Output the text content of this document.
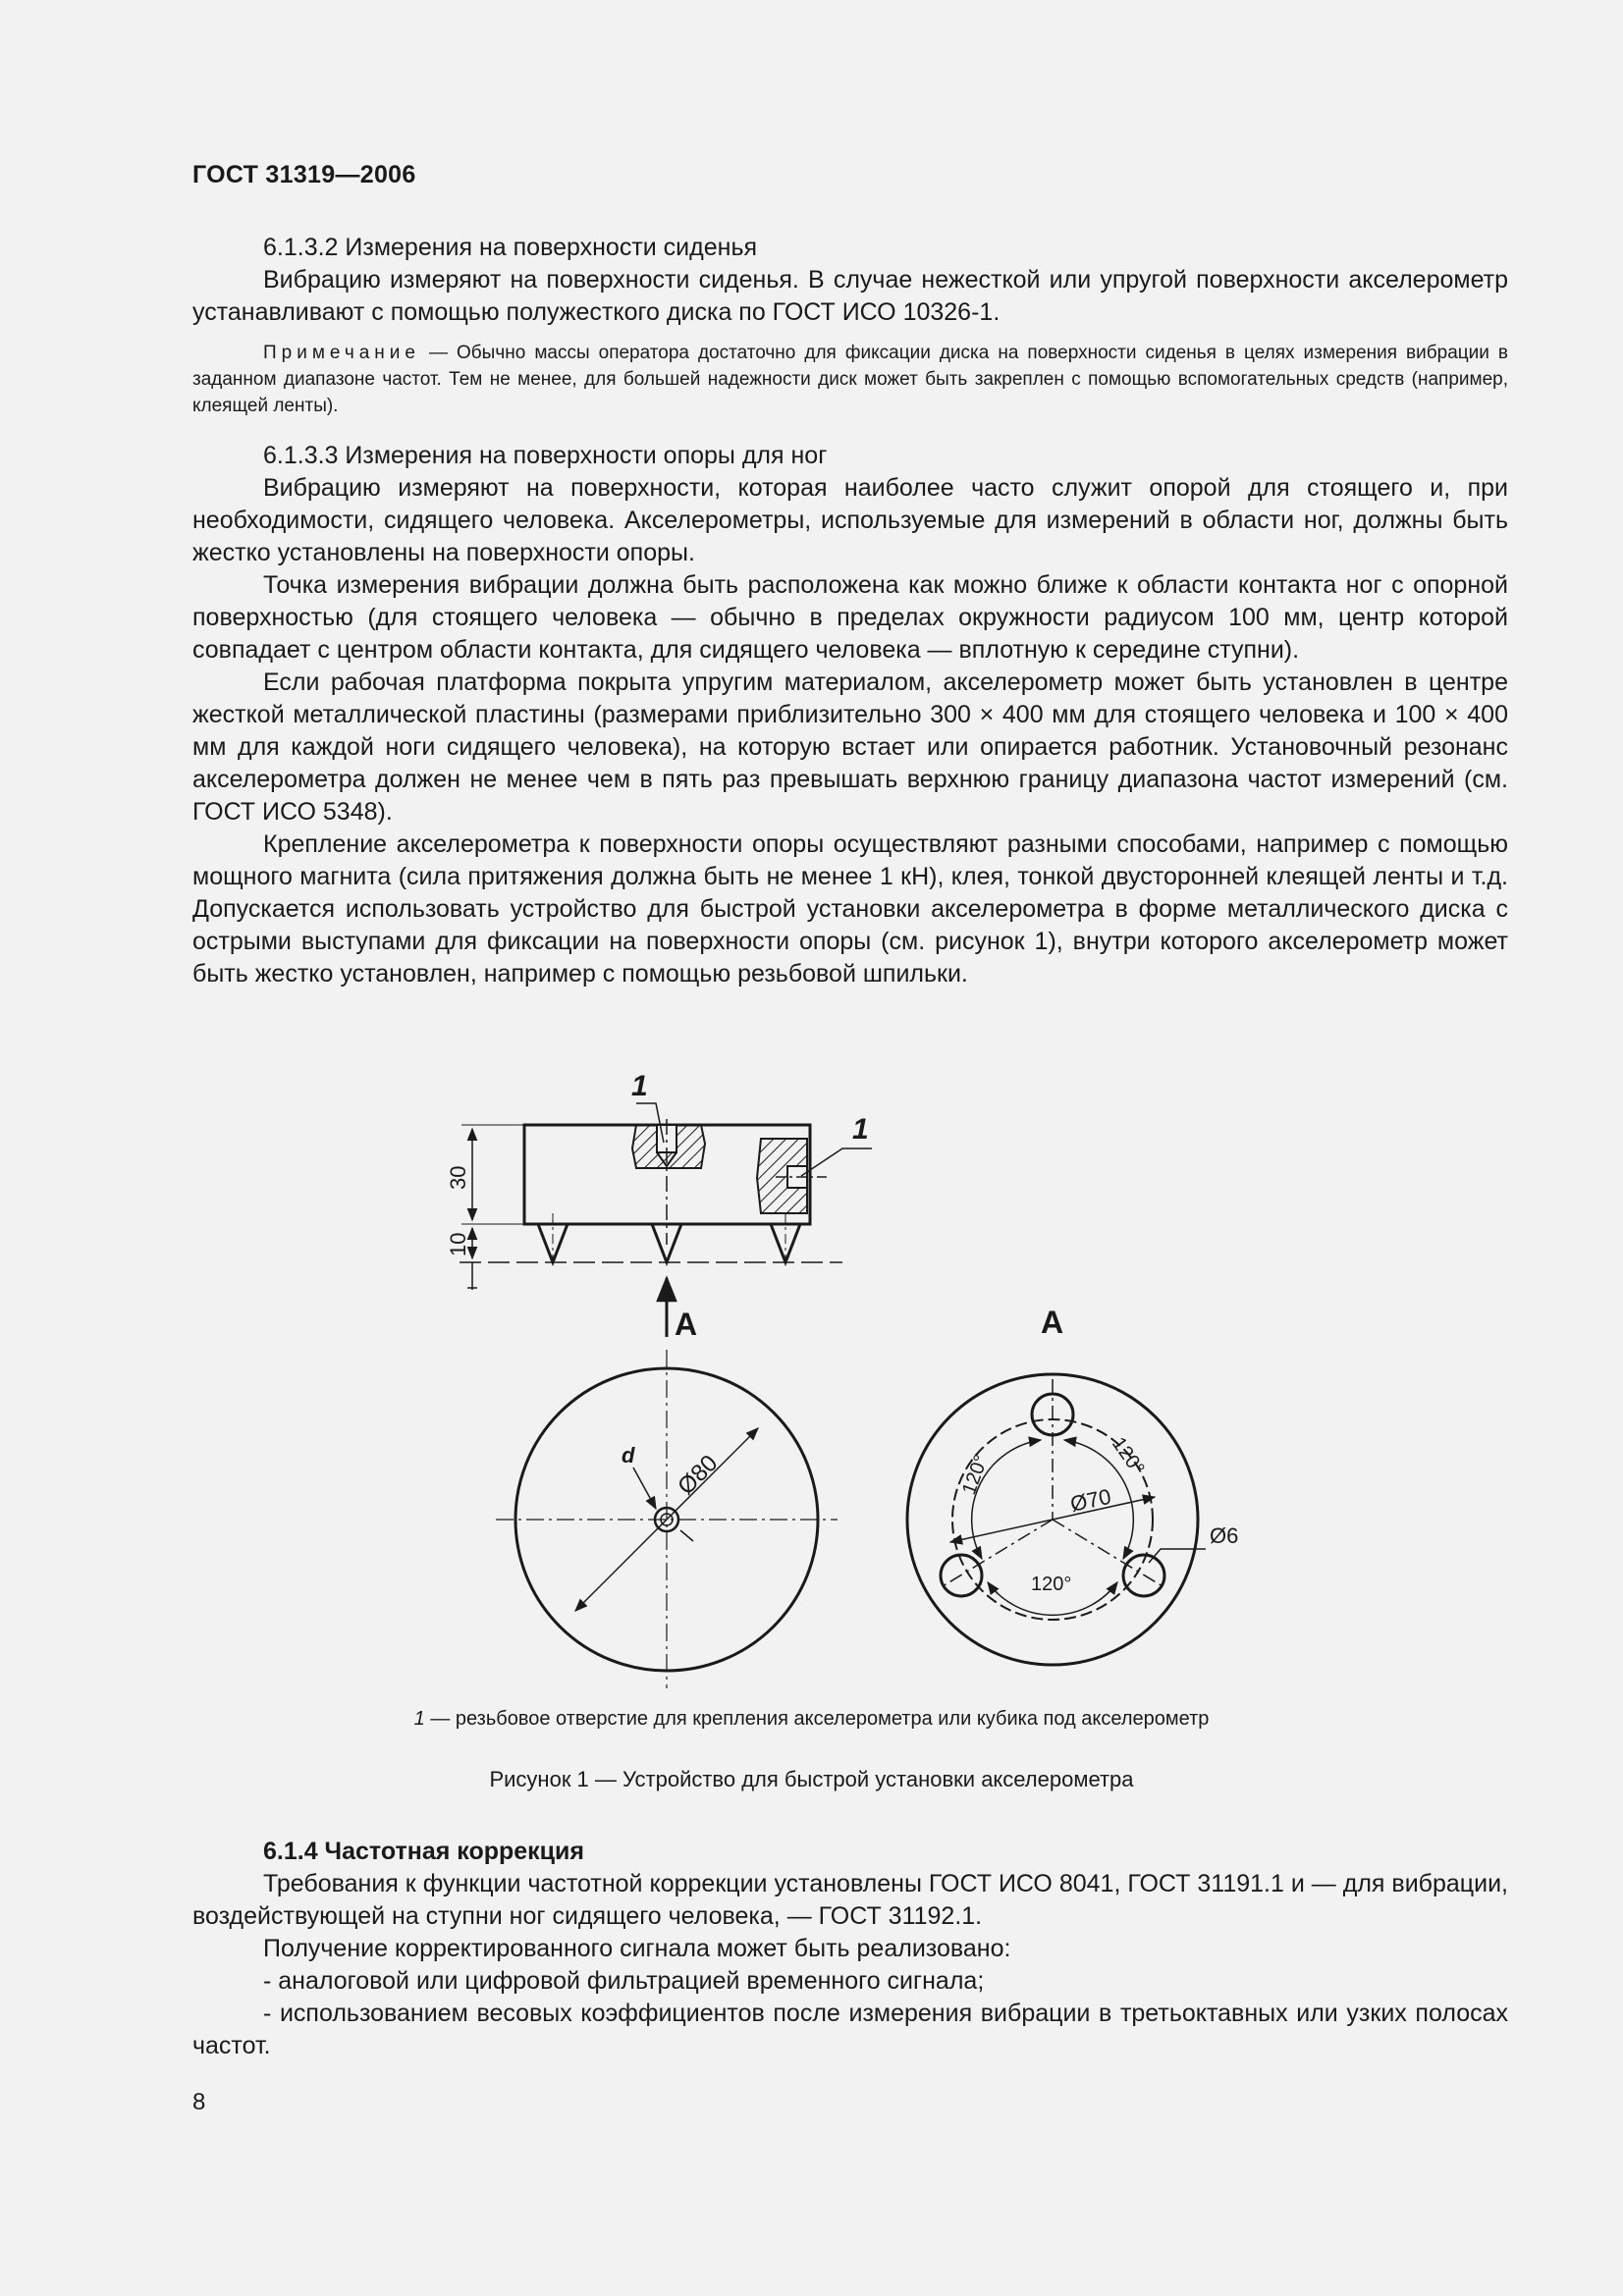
ГОСТ 31319—2006

6.1.3.2 Измерения на поверхности сиденья

Вибрацию измеряют на поверхности сиденья. В случае нежесткой или упругой поверхности акселерометр устанавливают с помощью полужесткого диска по ГОСТ ИСО 10326-1.

Примечание — Обычно массы оператора достаточно для фиксации диска на поверхности сиденья в целях измерения вибрации в заданном диапазоне частот. Тем не менее, для большей надежности диск может быть закреплен с помощью вспомогательных средств (например, клеящей ленты).

6.1.3.3 Измерения на поверхности опоры для ног

Вибрацию измеряют на поверхности, которая наиболее часто служит опорой для стоящего и, при необходимости, сидящего человека. Акселерометры, используемые для измерений в области ног, должны быть жестко установлены на поверхности опоры.

Точка измерения вибрации должна быть расположена как можно ближе к области контакта ног с опорной поверхностью (для стоящего человека — обычно в пределах окружности радиусом 100 мм, центр которой совпадает с центром области контакта, для сидящего человека — вплотную к середине ступни).

Если рабочая платформа покрыта упругим материалом, акселерометр может быть установлен в центре жесткой металлической пластины (размерами приблизительно 300 × 400 мм для стоящего человека и 100 × 400 мм для каждой ноги сидящего человека), на которую встает или опирается работник. Установочный резонанс акселерометра должен не менее чем в пять раз превышать верхнюю границу диапазона частот измерений (см. ГОСТ ИСО 5348).

Крепление акселерометра к поверхности опоры осуществляют разными способами, например с помощью мощного магнита (сила притяжения должна быть не менее 1 кН), клея, тонкой двусторонней клеящей ленты и т.д. Допускается использовать устройство для быстрой установки акселерометра в форме металлического диска с острыми выступами для фиксации на поверхности опоры (см. рисунок 1), внутри которого акселерометр может быть жестко установлен, например с помощью резьбовой шпильки.

1
1
30
10
А	А
d Ø80
Ø70
Ø6
120°	120°
120°
1 — резьбовое отверстие для крепления акселерометра или кубика под акселерометр
Рисунок 1 — Устройство для быстрой установки акселерометра

6.1.4 Частотная коррекция

Требования к функции частотной коррекции установлены ГОСТ ИСО 8041, ГОСТ 31191.1 и — для вибрации, воздействующей на ступни ног сидящего человека, — ГОСТ 31192.1.

Получение корректированного сигнала может быть реализовано:

- аналоговой или цифровой фильтрацией временного сигнала;

- использованием весовых коэффициентов после измерения вибрации в третьоктавных или узких полосах частот.

8
